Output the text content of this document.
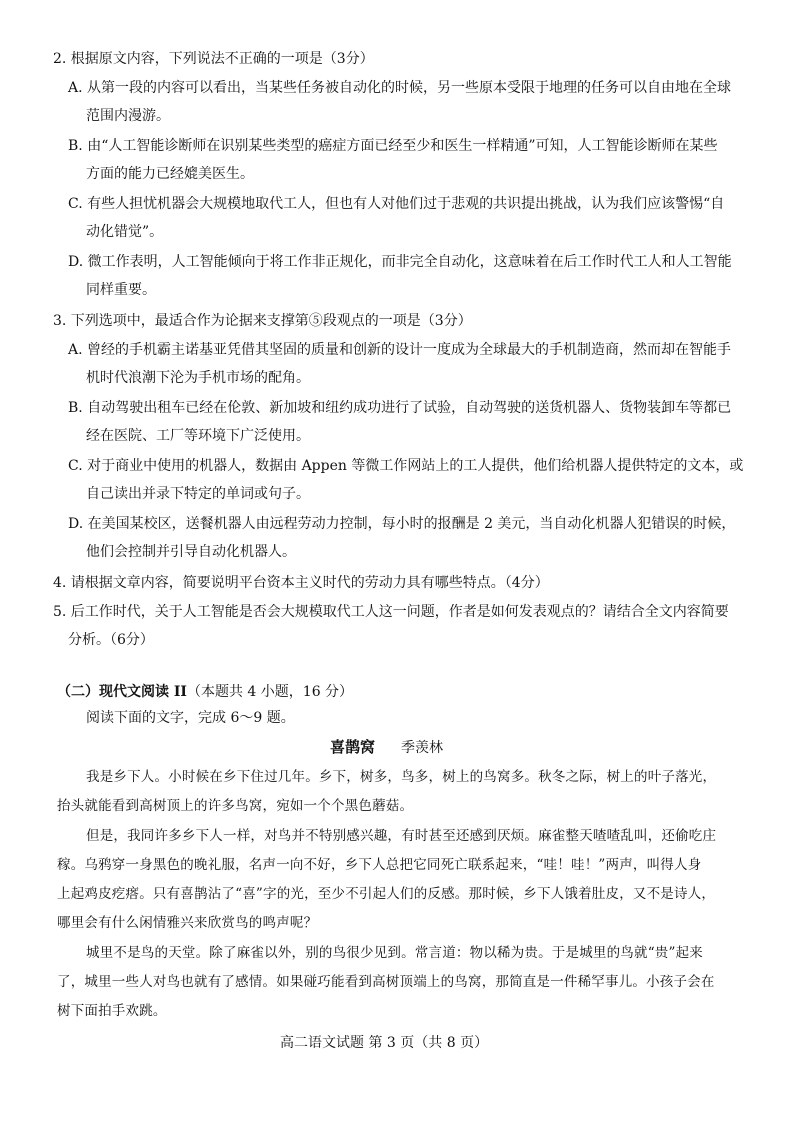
2. 根据原文内容，下列说法不正确的一项是（3分）
A. 从第一段的内容可以看出，当某些任务被自动化的时候，另一些原本受限于地理的任务可以自由地在全球
范围内漫游。
B. 由“人工智能诊断师在识别某些类型的癌症方面已经至少和医生一样精通”可知，人工智能诊断师在某些
方面的能力已经媲美医生。
C. 有些人担忧机器会大规模地取代工人，但也有人对他们过于悲观的共识提出挑战，认为我们应该警惕“自
动化错觉”。
D. 微工作表明，人工智能倾向于将工作非正规化，而非完全自动化，这意味着在后工作时代工人和人工智能
同样重要。
3. 下列选项中，最适合作为论据来支撑第⑤段观点的一项是（3分）
A. 曾经的手机霸主诺基亚凭借其坚固的质量和创新的设计一度成为全球最大的手机制造商，然而却在智能手
机时代浪潮下沦为手机市场的配角。
B. 自动驾驶出租车已经在伦敦、新加坡和纽约成功进行了试验，自动驾驶的送货机器人、货物装卸车等都已
经在医院、工厂等环境下广泛使用。
C. 对于商业中使用的机器人，数据由 Appen 等微工作网站上的工人提供，他们给机器人提供特定的文本，或
自己读出并录下特定的单词或句子。
D. 在美国某校区，送餐机器人由远程劳动力控制，每小时的报酬是 2 美元，当自动化机器人犯错误的时候，
他们会控制并引导自动化机器人。
4. 请根据文章内容，简要说明平台资本主义时代的劳动力具有哪些特点。（4分）
5. 后工作时代，关于人工智能是否会大规模取代工人这一问题，作者是如何发表观点的？请结合全文内容简要
分析。（6分）
（二）现代文阅读 II（本题共 4 小题，16 分）
阅读下面的文字，完成 6～9 题。
喜鹊窝 季羡林
我是乡下人。小时候在乡下住过几年。乡下，树多，鸟多，树上的鸟窝多。秋冬之际，树上的叶子落光，
抬头就能看到高树顶上的许多鸟窝，宛如一个个黑色蘑菇。
但是，我同许多乡下人一样，对鸟并不特别感兴趣，有时甚至还感到厌烦。麻雀整天喳喳乱叫，还偷吃庄
稼。乌鸦穿一身黑色的晚礼服，名声一向不好，乡下人总把它同死亡联系起来，“哇！哇！”两声，叫得人身
上起鸡皮疙瘩。只有喜鹊沾了“喜”字的光，至少不引起人们的反感。那时候，乡下人饿着肚皮，又不是诗人，
哪里会有什么闲情雅兴来欣赏鸟的鸣声呢？
城里不是鸟的天堂。除了麻雀以外，别的鸟很少见到。常言道：物以稀为贵。于是城里的鸟就“贵”起来
了，城里一些人对鸟也就有了感情。如果碰巧能看到高树顶端上的鸟窝，那简直是一件稀罕事儿。小孩子会在
树下面拍手欢跳。
高二语文试题 第 3 页（共 8 页）
